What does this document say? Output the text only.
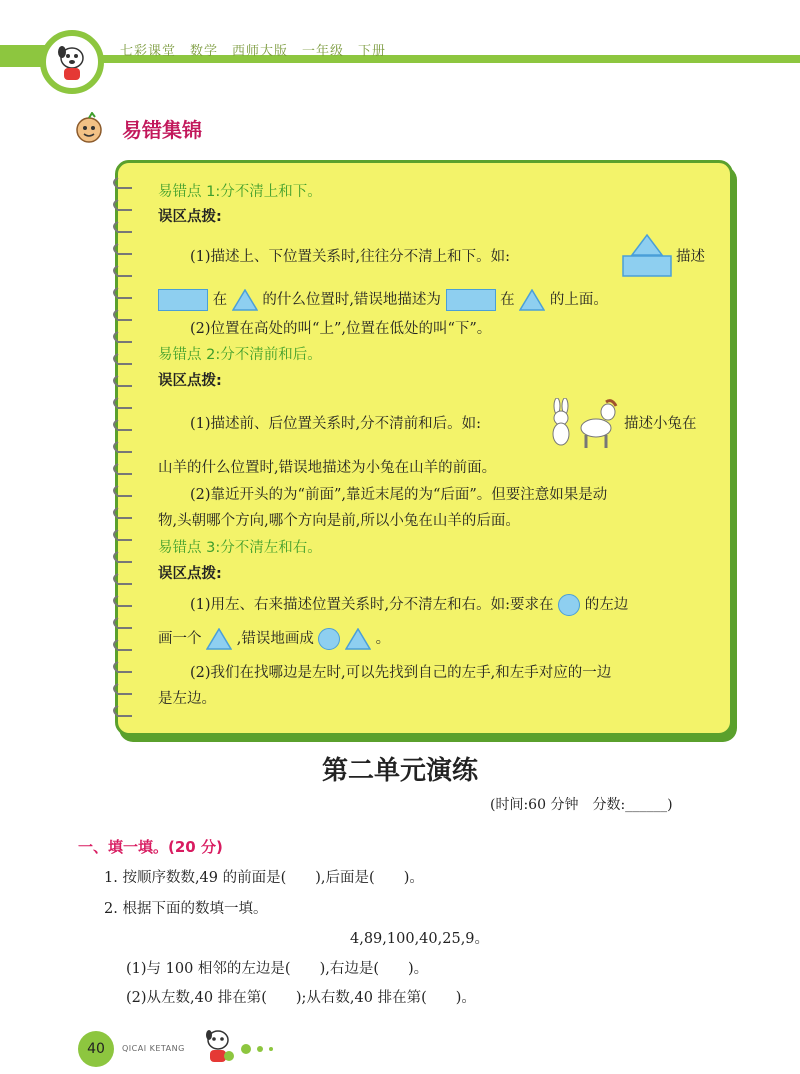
七彩课堂　数学　西师大版　一年级　下册
易错集锦
易错点 1:分不清上和下。
误区点拨:
(1)描述上、下位置关系时,往往分不清上和下。如:	描述
在 的什么位置时,错误地描述为	在 的上面。
(2)位置在高处的叫“上”,位置在低处的叫“下”。
易错点 2:分不清前和后。
误区点拨:
(1)描述前、后位置关系时,分不清前和后。如:	描述小兔在
山羊的什么位置时,错误地描述为小兔在山羊的前面。
(2)靠近开头的为“前面”,靠近末尾的为“后面”。但要注意如果是动
物,头朝哪个方向,哪个方向是前,所以小兔在山羊的后面。
易错点 3:分不清左和右。
误区点拨:
(1)用左、右来描述位置关系时,分不清左和右。如:要求在 的左边
画一个 ,错误地画成	。
(2)我们在找哪边是左时,可以先找到自己的左手,和左手对应的一边
是左边。
第二单元演练
(时间:60 分钟　分数:______)
一、填一填。(20 分)
1. 按顺序数数,49 的前面是(　　),后面是(　　)。
2. 根据下面的数填一填。
4,89,100,40,25,9。
(1)与 100 相邻的左边是(　　),右边是(　　)。
(2)从左数,40 排在第(　　);从右数,40 排在第(　　)。
40	QICAI KETANG
